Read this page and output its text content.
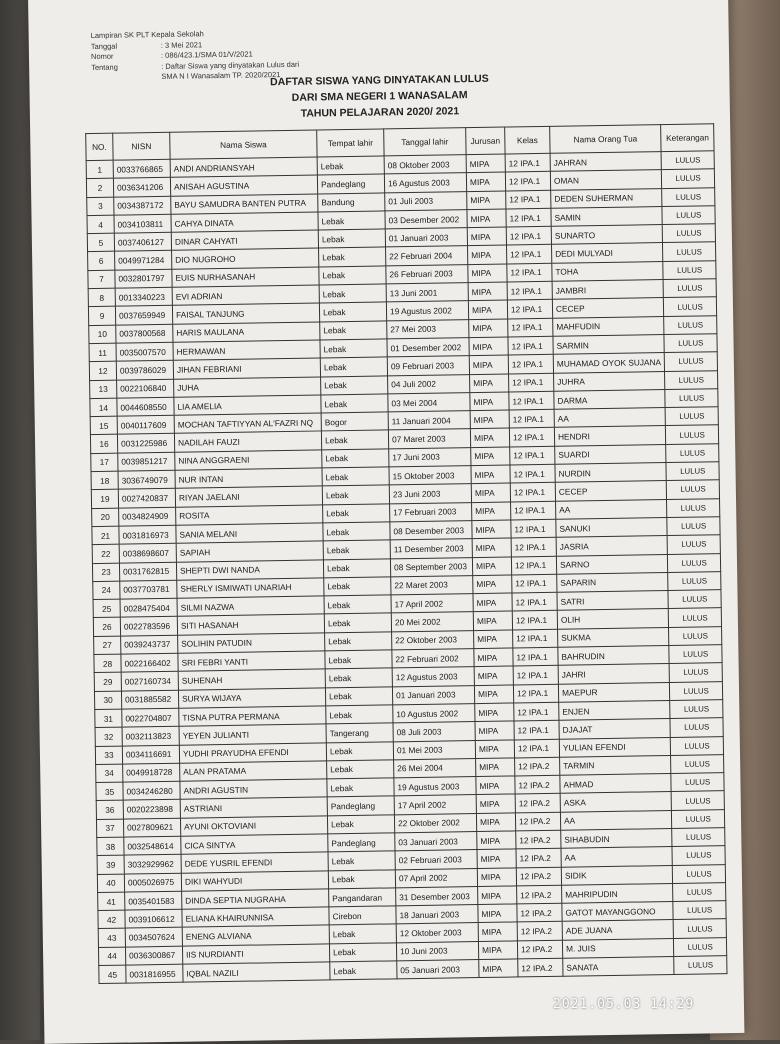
Lampiran SK PLT Kepala Sekolah
Tanggal	: 3 Mei 2021
Nomor	: 086/423.1/SMA 01/V/2021
Tentang	: Daftar Siswa yang dinyatakan Lulus dari
SMA N I Wanasalam TP. 2020/2021
DAFTAR SISWA YANG DINYATAKAN LULUS
DARI SMA NEGERI 1 WANASALAM
TAHUN PELAJARAN 2020/ 2021
NO.	NISN	Nama Siswa	Tempat lahir	Tanggal lahir	Jurusan	Kelas	Nama Orang Tua	Keterangan
1	0033766865	ANDI ANDRIANSYAH	Lebak	08 Oktober 2003	MIPA	12 IPA.1	JAHRAN	LULUS
2	0036341206	ANISAH AGUSTINA	Pandeglang	16 Agustus 2003	MIPA	12 IPA.1	OMAN	LULUS
3	0034387172	BAYU SAMUDRA BANTEN PUTRA	Bandung	01 Juli 2003	MIPA	12 IPA.1	DEDEN SUHERMAN	LULUS
4	0034103811	CAHYA DINATA	Lebak	03 Desember 2002	MIPA	12 IPA.1	SAMIN	LULUS
5	0037406127	DINAR CAHYATI	Lebak	01 Januari 2003	MIPA	12 IPA.1	SUNARTO	LULUS
6	0049971284	DIO NUGROHO	Lebak	22 Februari 2004	MIPA	12 IPA.1	DEDI MULYADI	LULUS
7	0032801797	EUIS NURHASANAH	Lebak	26 Februari 2003	MIPA	12 IPA.1	TOHA	LULUS
8	0013340223	EVI ADRIAN	Lebak	13 Juni 2001	MIPA	12 IPA.1	JAMBRI	LULUS
9	0037659949	FAISAL TANJUNG	Lebak	19 Agustus 2002	MIPA	12 IPA.1	CECEP	LULUS
10	0037800568	HARIS MAULANA	Lebak	27 Mei 2003	MIPA	12 IPA.1	MAHFUDIN	LULUS
11	0035007570	HERMAWAN	Lebak	01 Desember 2002	MIPA	12 IPA.1	SARMIN	LULUS
12	0039786029	JIHAN FEBRIANI	Lebak	09 Februari 2003	MIPA	12 IPA.1	MUHAMAD OYOK SUJANA	LULUS
13	0022106840	JUHA	Lebak	04 Juli 2002	MIPA	12 IPA.1	JUHRA	LULUS
14	0044608550	LIA AMELIA	Lebak	03 Mei 2004	MIPA	12 IPA.1	DARMA	LULUS
15	0040117609	MOCHAN TAFTIYYAN AL'FAZRI NQ	Bogor	11 Januari 2004	MIPA	12 IPA.1	AA	LULUS
16	0031225986	NADILAH FAUZI	Lebak	07 Maret 2003	MIPA	12 IPA.1	HENDRI	LULUS
17	0039851217	NINA ANGGRAENI	Lebak	17 Juni 2003	MIPA	12 IPA.1	SUARDI	LULUS
18	3036749079	NUR INTAN	Lebak	15 Oktober 2003	MIPA	12 IPA.1	NURDIN	LULUS
19	0027420837	RIYAN JAELANI	Lebak	23 Juni 2003	MIPA	12 IPA.1	CECEP	LULUS
20	0034824909	ROSITA	Lebak	17 Februari 2003	MIPA	12 IPA.1	AA	LULUS
21	0031816973	SANIA MELANI	Lebak	08 Desember 2003	MIPA	12 IPA.1	SANUKI	LULUS
22	0038698607	SAPIAH	Lebak	11 Desember 2003	MIPA	12 IPA.1	JASRIA	LULUS
23	0031762815	SHEPTI DWI NANDA	Lebak	08 September 2003	MIPA	12 IPA.1	SARNO	LULUS
24	0037703781	SHERLY ISMIWATI UNARIAH	Lebak	22 Maret 2003	MIPA	12 IPA.1	SAPARIN	LULUS
25	0028475404	SILMI NAZWA	Lebak	17 April 2002	MIPA	12 IPA.1	SATRI	LULUS
26	0022783596	SITI HASANAH	Lebak	20 Mei 2002	MIPA	12 IPA.1	OLIH	LULUS
27	0039243737	SOLIHIN PATUDIN	Lebak	22 Oktober 2003	MIPA	12 IPA.1	SUKMA	LULUS
28	0022166402	SRI FEBRI YANTI	Lebak	22 Februari 2002	MIPA	12 IPA.1	BAHRUDIN	LULUS
29	0027160734	SUHENAH	Lebak	12 Agustus 2003	MIPA	12 IPA.1	JAHRI	LULUS
30	0031885582	SURYA WIJAYA	Lebak	01 Januari 2003	MIPA	12 IPA.1	MAEPUR	LULUS
31	0022704807	TISNA PUTRA PERMANA	Lebak	10 Agustus 2002	MIPA	12 IPA.1	ENJEN	LULUS
32	0032113823	YEYEN JULIANTI	Tangerang	08 Juli 2003	MIPA	12 IPA.1	DJAJAT	LULUS
33	0034116691	YUDHI PRAYUDHA EFENDI	Lebak	01 Mei 2003	MIPA	12 IPA.1	YULIAN EFENDI	LULUS
34	0049918728	ALAN PRATAMA	Lebak	26 Mei 2004	MIPA	12 IPA.2	TARMIN	LULUS
35	0034246280	ANDRI AGUSTIN	Lebak	19 Agustus 2003	MIPA	12 IPA.2	AHMAD	LULUS
36	0020223898	ASTRIANI	Pandeglang	17 April 2002	MIPA	12 IPA.2	ASKA	LULUS
37	0027809621	AYUNI OKTOVIANI	Lebak	22 Oktober 2002	MIPA	12 IPA.2	AA	LULUS
38	0032548614	CICA SINTYA	Pandeglang	03 Januari 2003	MIPA	12 IPA.2	SIHABUDIN	LULUS
39	3032929962	DEDE YUSRIL EFENDI	Lebak	02 Februari 2003	MIPA	12 IPA.2	AA	LULUS
40	0005026975	DIKI WAHYUDI	Lebak	07 April 2002	MIPA	12 IPA.2	SIDIK	LULUS
41	0035401583	DINDA SEPTIA NUGRAHA	Pangandaran	31 Desember 2003	MIPA	12 IPA.2	MAHRIPUDIN	LULUS
42	0039106612	ELIANA KHAIRUNNISA	Cirebon	18 Januari 2003	MIPA	12 IPA.2	GATOT MAYANGGONO	LULUS
43	0034507624	ENENG ALVIANA	Lebak	12 Oktober 2003	MIPA	12 IPA.2	ADE JUANA	LULUS
44	0036300867	IIS NURDIANTI	Lebak	10 Juni 2003	MIPA	12 IPA.2	M. JUIS	LULUS
45	0031816955	IQBAL NAZILI	Lebak	05 Januari 2003	MIPA	12 IPA.2	SANATA	LULUS
2021.05.03 14:29
